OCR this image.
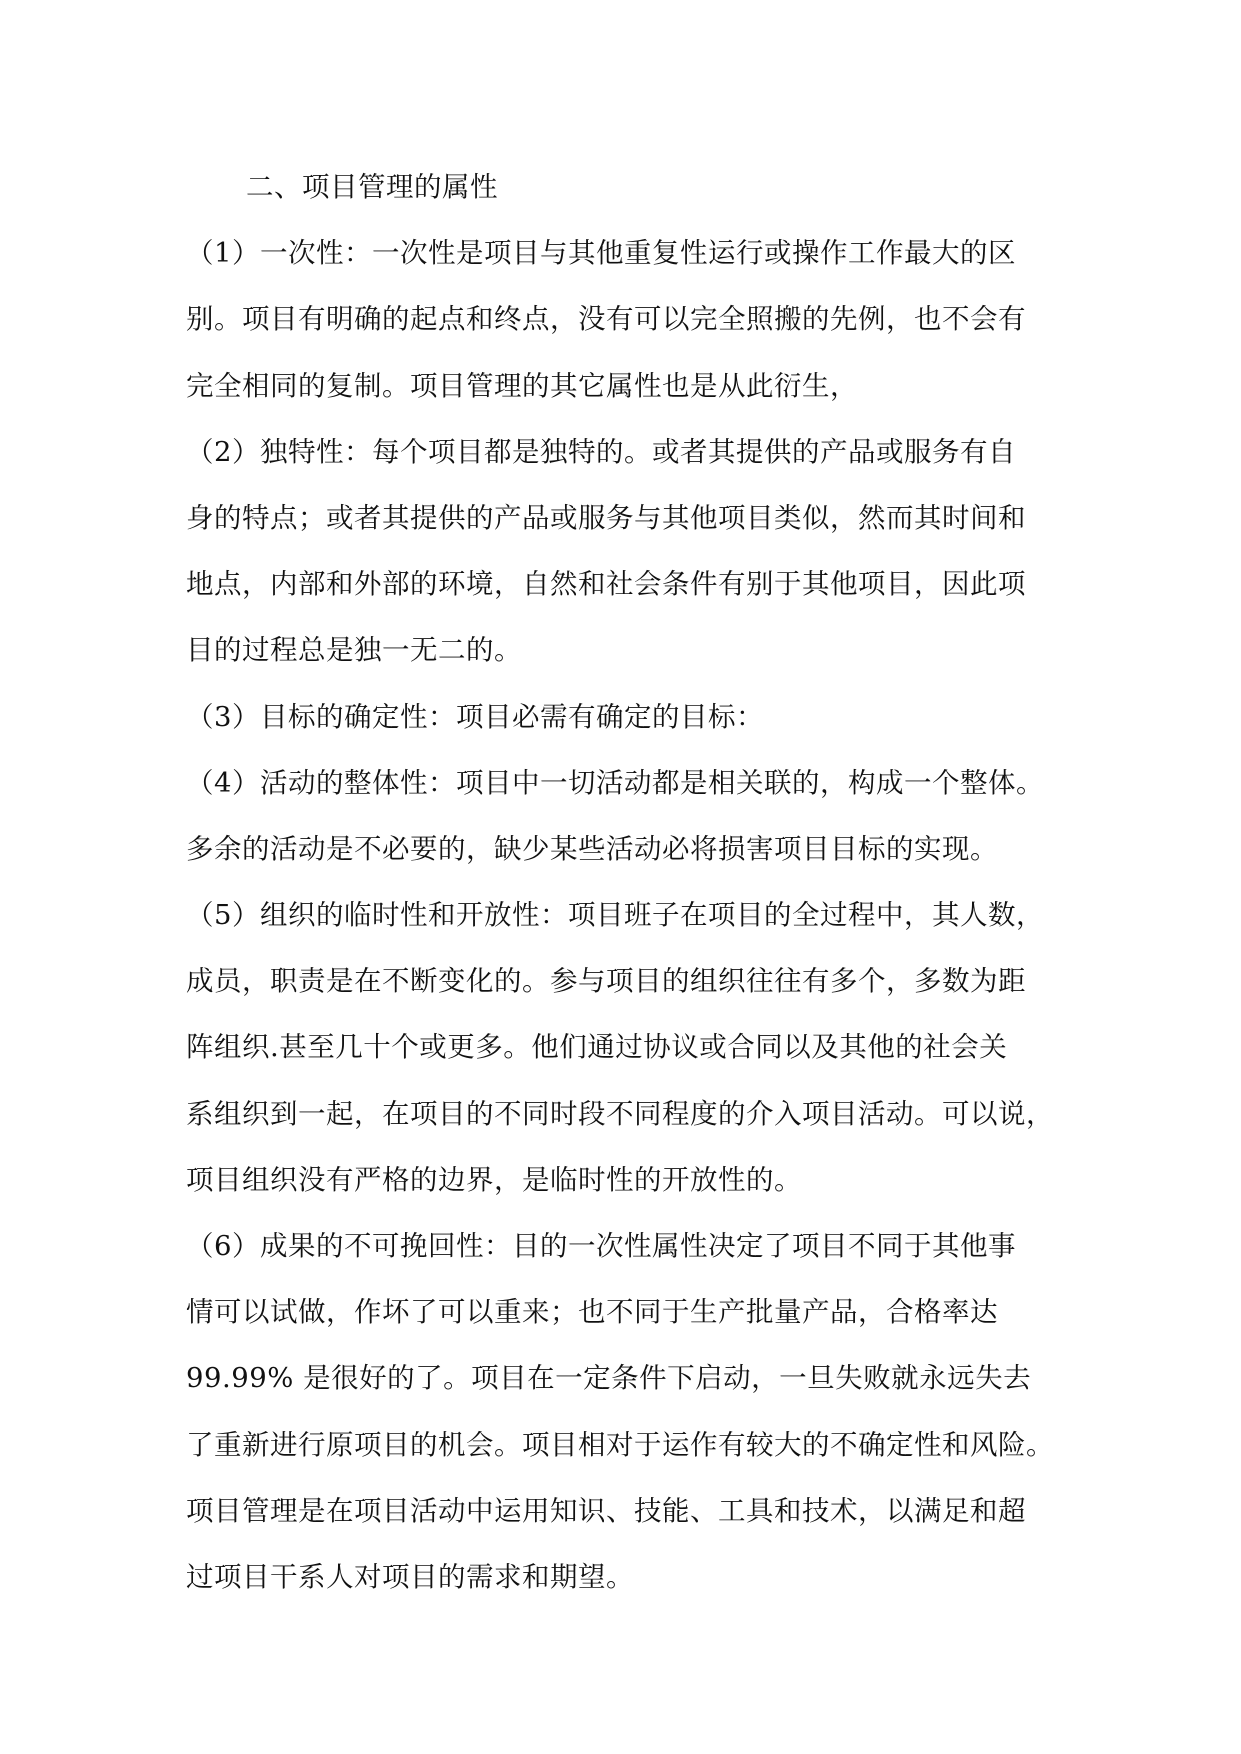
二、项目管理的属性
（1）一次性：一次性是项目与其他重复性运行或操作工作最大的区
别。项目有明确的起点和终点，没有可以完全照搬的先例，也不会有
完全相同的复制。项目管理的其它属性也是从此衍生，
（2）独特性：每个项目都是独特的。或者其提供的产品或服务有自
身的特点；或者其提供的产品或服务与其他项目类似，然而其时间和
地点，内部和外部的环境，自然和社会条件有别于其他项目，因此项
目的过程总是独一无二的。
（3）目标的确定性：项目必需有确定的目标：
（4）活动的整体性：项目中一切活动都是相关联的，构成一个整体。
多余的活动是不必要的，缺少某些活动必将损害项目目标的实现。
（5）组织的临时性和开放性：项目班子在项目的全过程中，其人数，
成员，职责是在不断变化的。参与项目的组织往往有多个，多数为距
阵组织.甚至几十个或更多。他们通过协议或合同以及其他的社会关
系组织到一起，在项目的不同时段不同程度的介入项目活动。可以说，
项目组织没有严格的边界，是临时性的开放性的。
（6）成果的不可挽回性：目的一次性属性决定了项目不同于其他事
情可以试做，作坏了可以重来；也不同于生产批量产品，合格率达
99.99% 是很好的了。项目在一定条件下启动，一旦失败就永远失去
了重新进行原项目的机会。项目相对于运作有较大的不确定性和风险。
项目管理是在项目活动中运用知识、技能、工具和技术，以满足和超
过项目干系人对项目的需求和期望。
